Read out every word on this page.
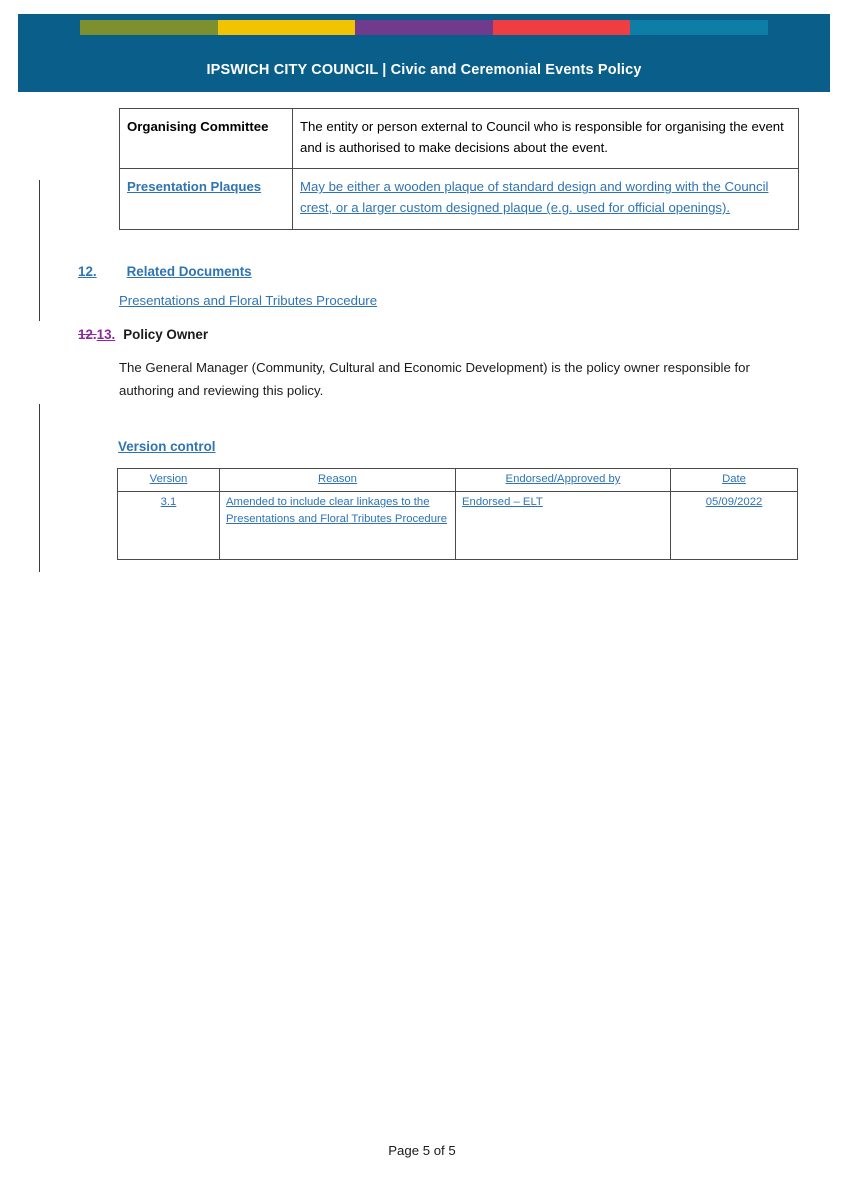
IPSWICH CITY COUNCIL | Civic and Ceremonial Events Policy
Organising Committee	The entity or person external to Council who is responsible for organising the event and is authorised to make decisions about the event.
Presentation Plaques	May be either a wooden plaque of standard design and wording with the Council crest, or a larger custom designed plaque (e.g. used for official openings).
12. Related Documents
Presentations and Floral Tributes Procedure
12.13. Policy Owner
The General Manager (Community, Cultural and Economic Development) is the policy owner responsible for authoring and reviewing this policy.
Version control
Version	Reason	Endorsed/Approved by	Date
3.1	Amended to include clear linkages to the Presentations and Floral Tributes Procedure	Endorsed – ELT	05/09/2022
Page 5 of 5
